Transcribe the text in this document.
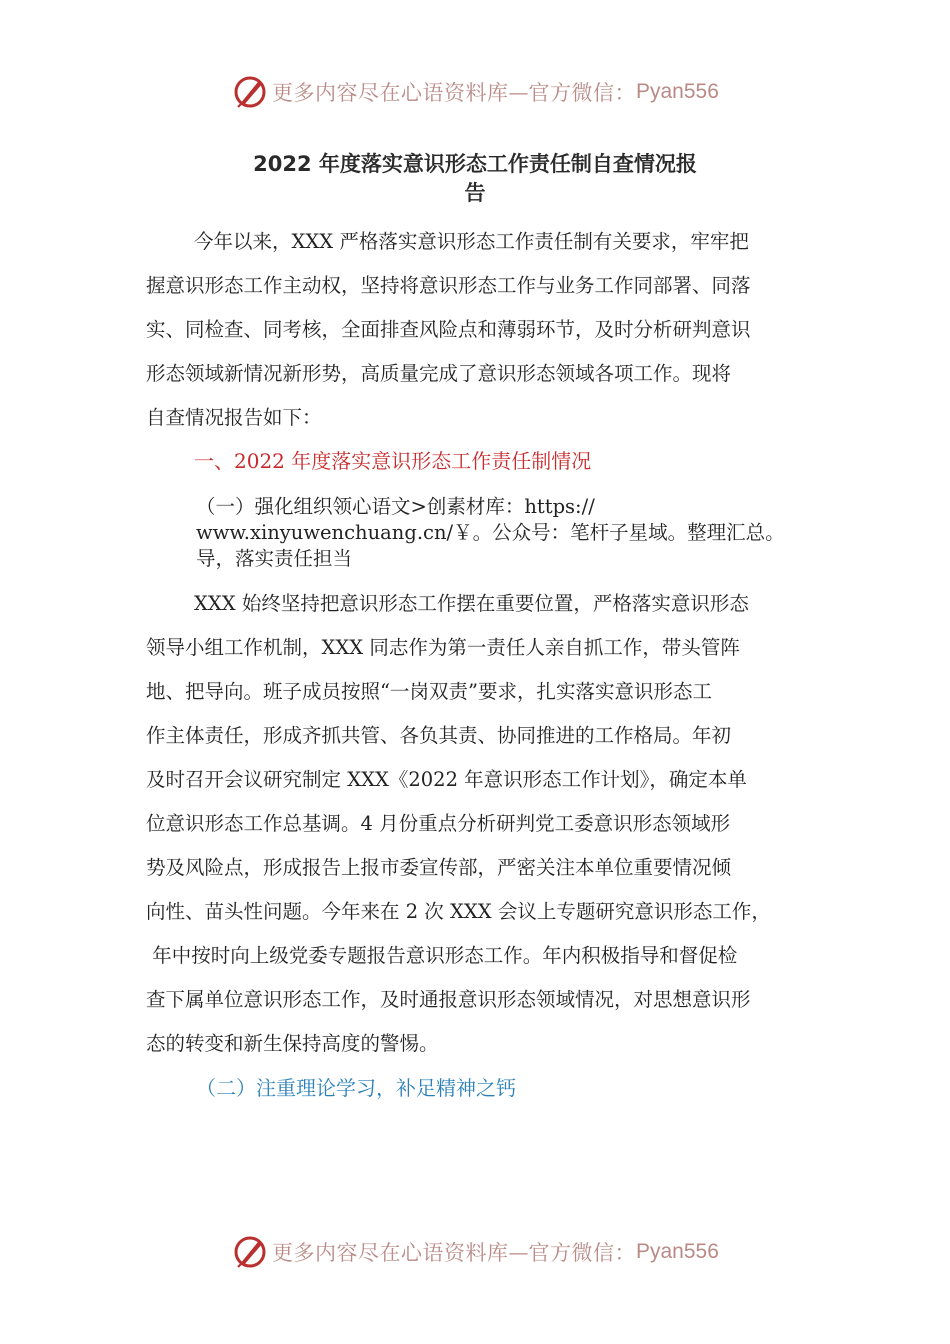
更多内容尽在心语资料库 — 官方微信： Pyan556
2022 年度落实意识形态工作责任制自查情况报
告
今年以来，XXX 严格落实意识形态工作责任制有关要求，牢牢把
握意识形态工作主动权，坚持将意识形态工作与业务工作同部署、同落
实、同检查、同考核，全面排查风险点和薄弱环节，及时分析研判意识
形态领域新情况新形势，高质量完成了意识形态领域各项工作。现将
自查情况报告如下：
一、2022 年度落实意识形态工作责任制情况
（一）强化组织领心语文>创素材库：https://
www.xinyuwenchuang.cn/￥。公众号：笔杆子星域。整理汇总。
导，落实责任担当
XXX 始终坚持把意识形态工作摆在重要位置，严格落实意识形态
领导小组工作机制，XXX 同志作为第一责任人亲自抓工作，带头管阵
地、把导向。班子成员按照“一岗双责”要求，扎实落实意识形态工
作主体责任，形成齐抓共管、各负其责、协同推进的工作格局。年初
及时召开会议研究制定 XXX《2022 年意识形态工作计划》，确定本单
位意识形态工作总基调。4 月份重点分析研判党工委意识形态领域形
势及风险点，形成报告上报市委宣传部，严密关注本单位重要情况倾
向性、苗头性问题。今年来在 2 次 XXX 会议上专题研究意识形态工作，
年中按时向上级党委专题报告意识形态工作。年内积极指导和督促检
查下属单位意识形态工作，及时通报意识形态领域情况，对思想意识形
态的转变和新生保持高度的警惕。
（二）注重理论学习，补足精神之钙
更多内容尽在心语资料库 — 官方微信： Pyan556
